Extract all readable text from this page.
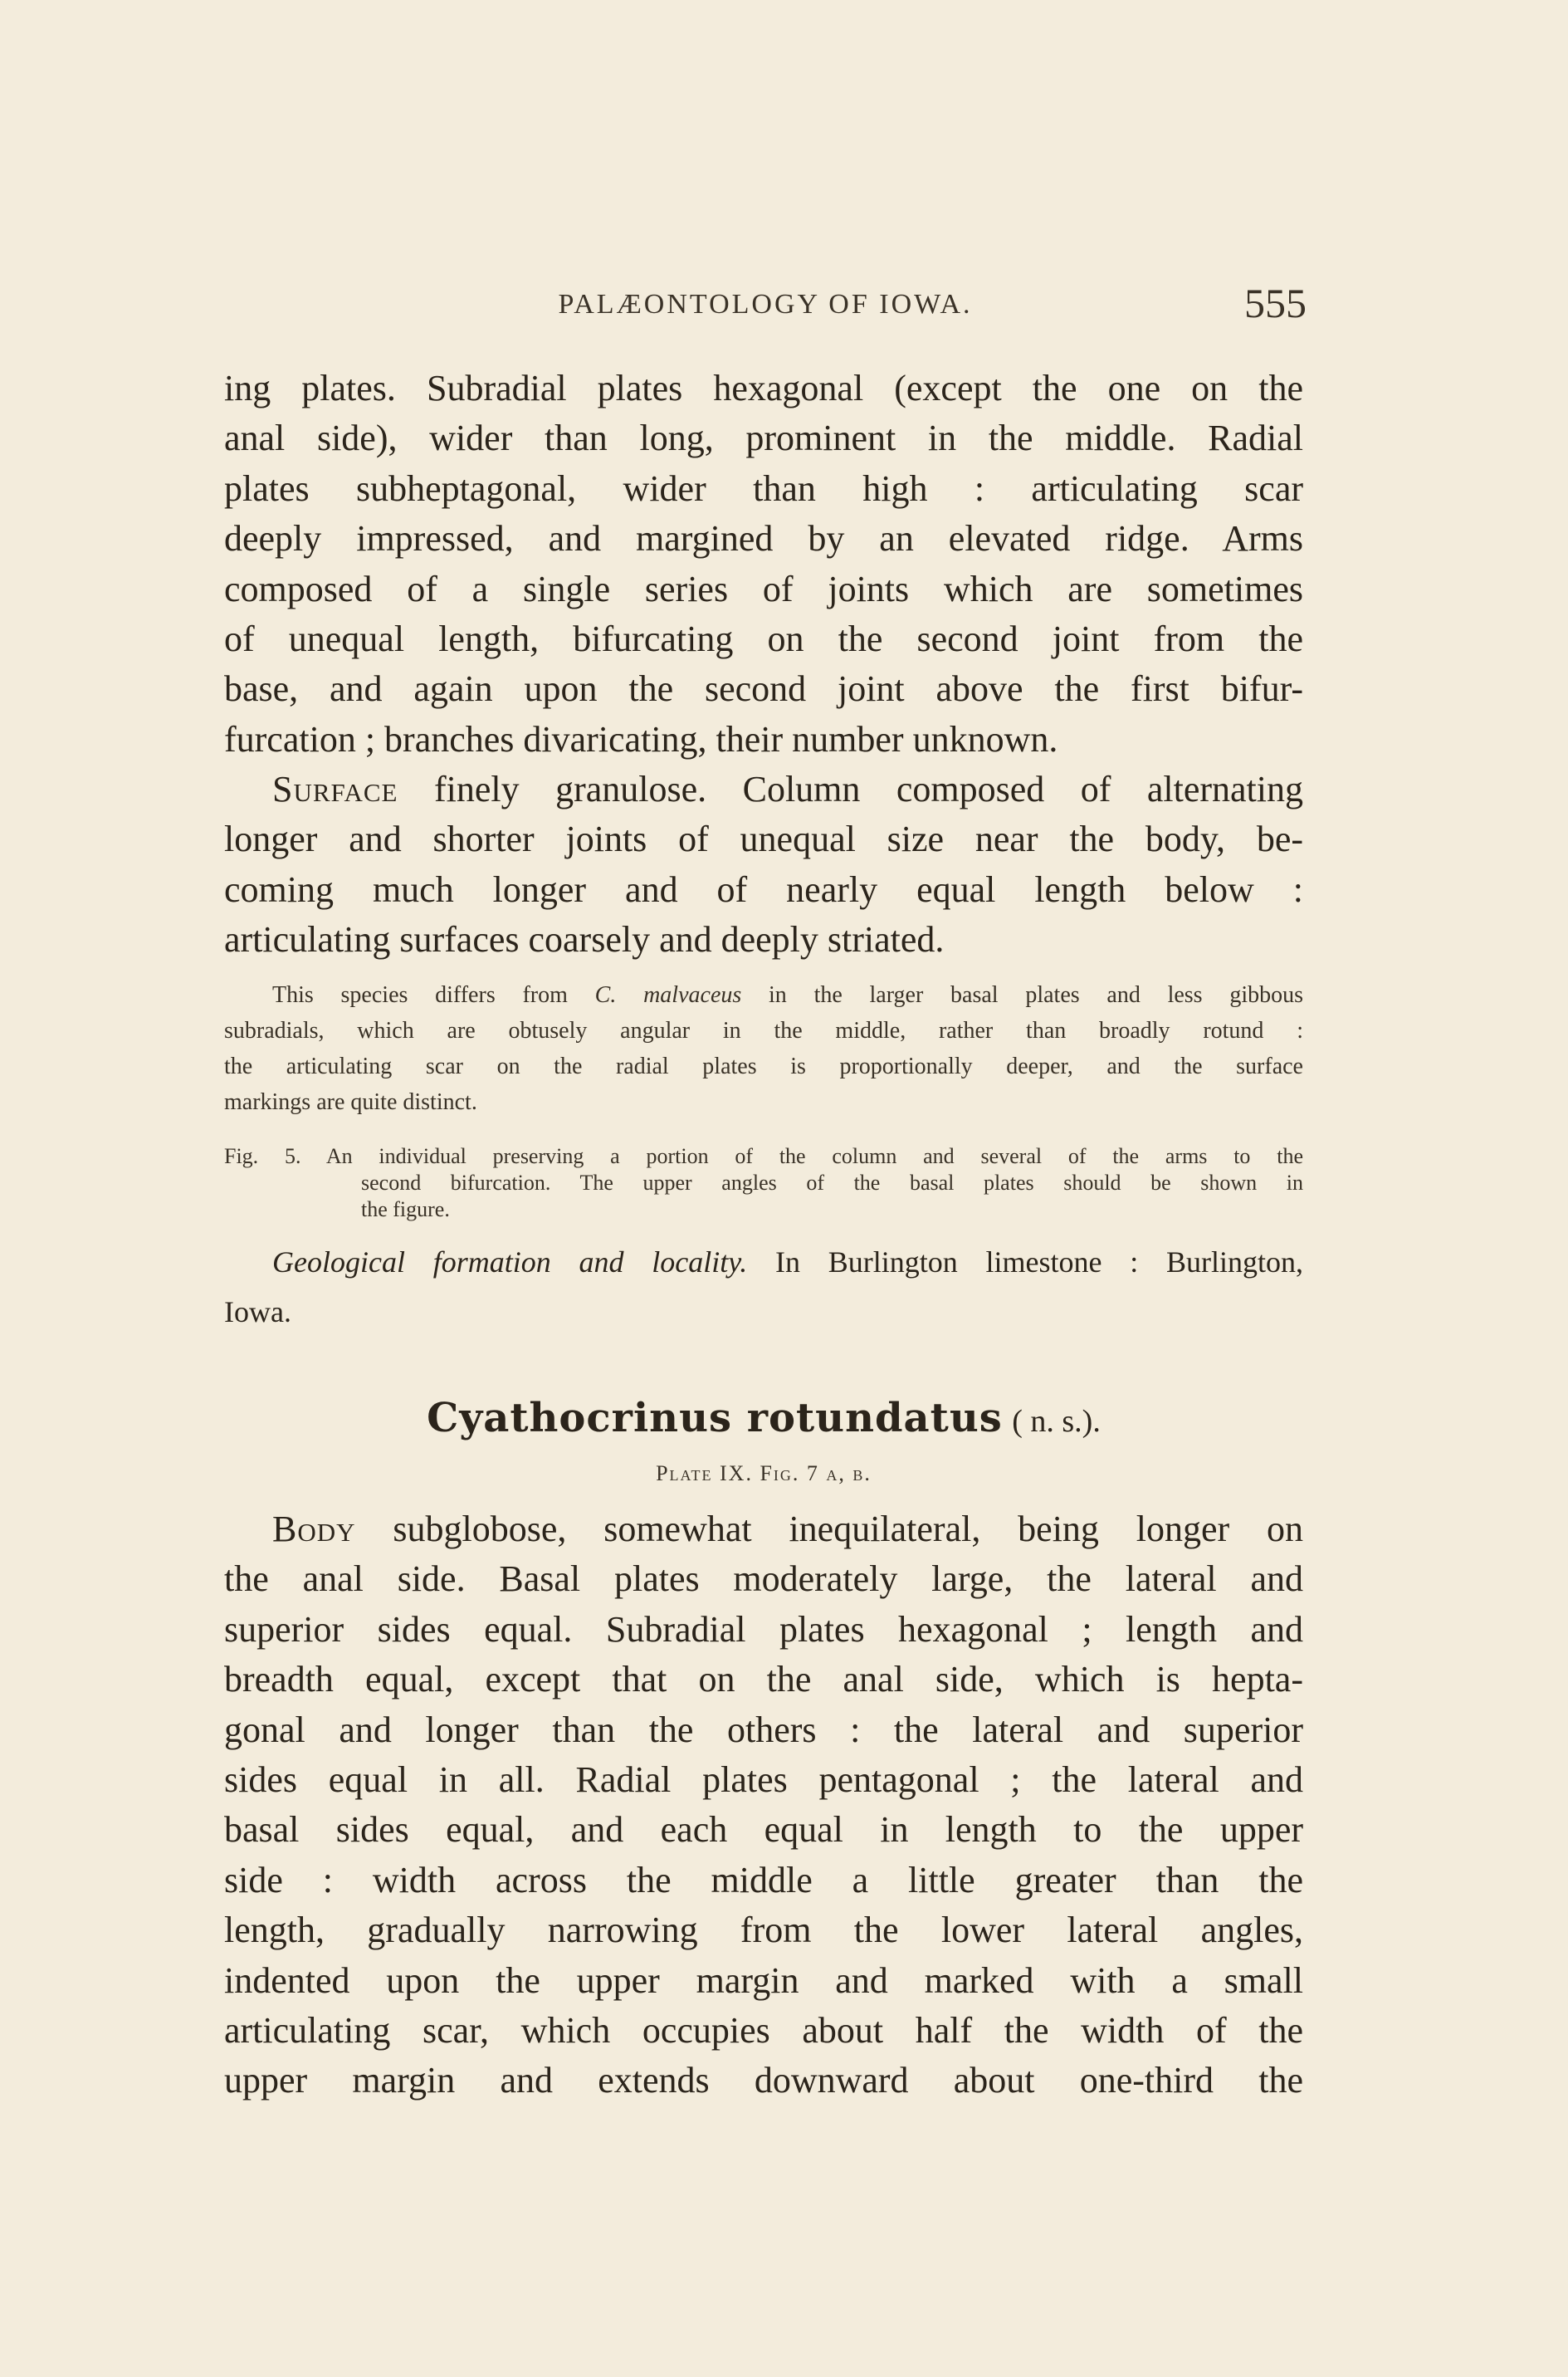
PALÆONTOLOGY OF IOWA.	555
ing plates. Subradial plates hexagonal (except the one on the
anal side), wider than long, prominent in the middle. Radial
plates subheptagonal, wider than high : articulating scar
deeply impressed, and margined by an elevated ridge. Arms
composed of a single series of joints which are sometimes
of unequal length, bifurcating on the second joint from the
base, and again upon the second joint above the first bifur-
furcation ; branches divaricating, their number unknown.
Surface finely granulose. Column composed of alternating
longer and shorter joints of unequal size near the body, be-
coming much longer and of nearly equal length below :
articulating surfaces coarsely and deeply striated.
This species differs from C. malvaceus in the larger basal plates and less gibbous
subradials, which are obtusely angular in the middle, rather than broadly rotund :
the articulating scar on the radial plates is proportionally deeper, and the surface
markings are quite distinct.
Fig. 5. An individual preserving a portion of the column and several of the arms to the
second bifurcation. The upper angles of the basal plates should be shown in
the figure.
Geological formation and locality. In Burlington limestone : Burlington,
Iowa.
Cyathocrinus rotundatus ( n. s.).
Plate IX. Fig. 7 a, b.
Body subglobose, somewhat inequilateral, being longer on
the anal side. Basal plates moderately large, the lateral and
superior sides equal. Subradial plates hexagonal ; length and
breadth equal, except that on the anal side, which is hepta-
gonal and longer than the others : the lateral and superior
sides equal in all. Radial plates pentagonal ; the lateral and
basal sides equal, and each equal in length to the upper
side : width across the middle a little greater than the
length, gradually narrowing from the lower lateral angles,
indented upon the upper margin and marked with a small
articulating scar, which occupies about half the width of the
upper margin and extends downward about one-third the
